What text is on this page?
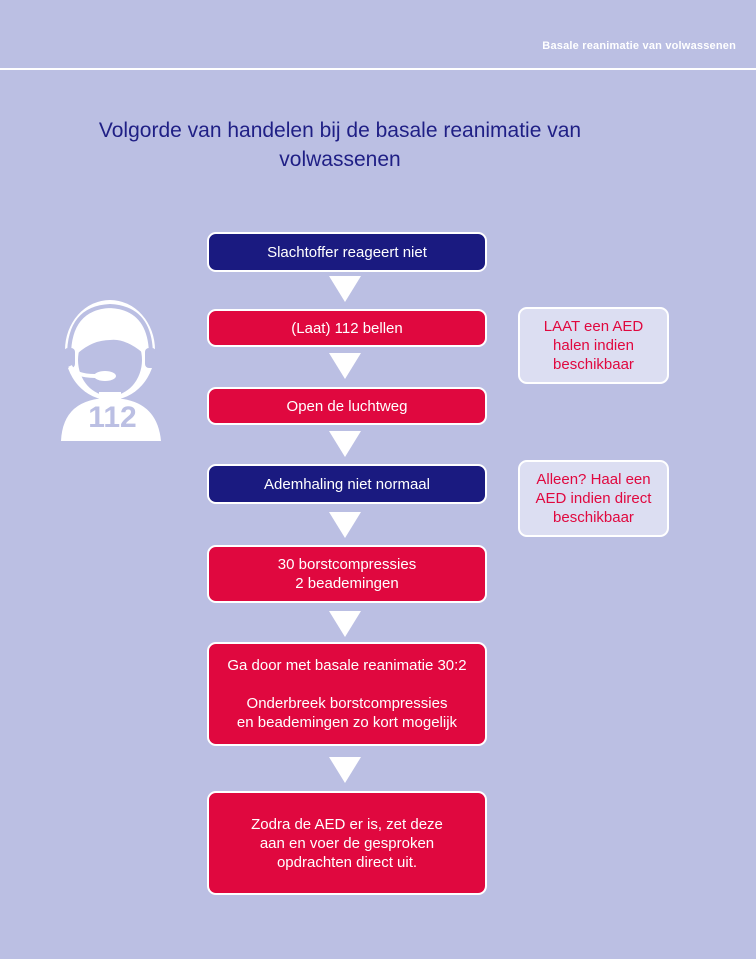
Basale reanimatie van volwassenen
Volgorde van handelen bij de basale reanimatie van
volwassenen
112
Slachtoffer reageert niet
(Laat) 112 bellen
Open de luchtweg
Ademhaling niet normaal
30 borstcompressies
2 beademingen
Ga door met basale reanimatie 30:2
Onderbreek borstcompressies
en beademingen zo kort mogelijk
Zodra de AED er is, zet deze
aan en voer de gesproken
opdrachten direct uit.
LAAT een AED
halen indien
beschikbaar
Alleen? Haal een
AED indien direct
beschikbaar
